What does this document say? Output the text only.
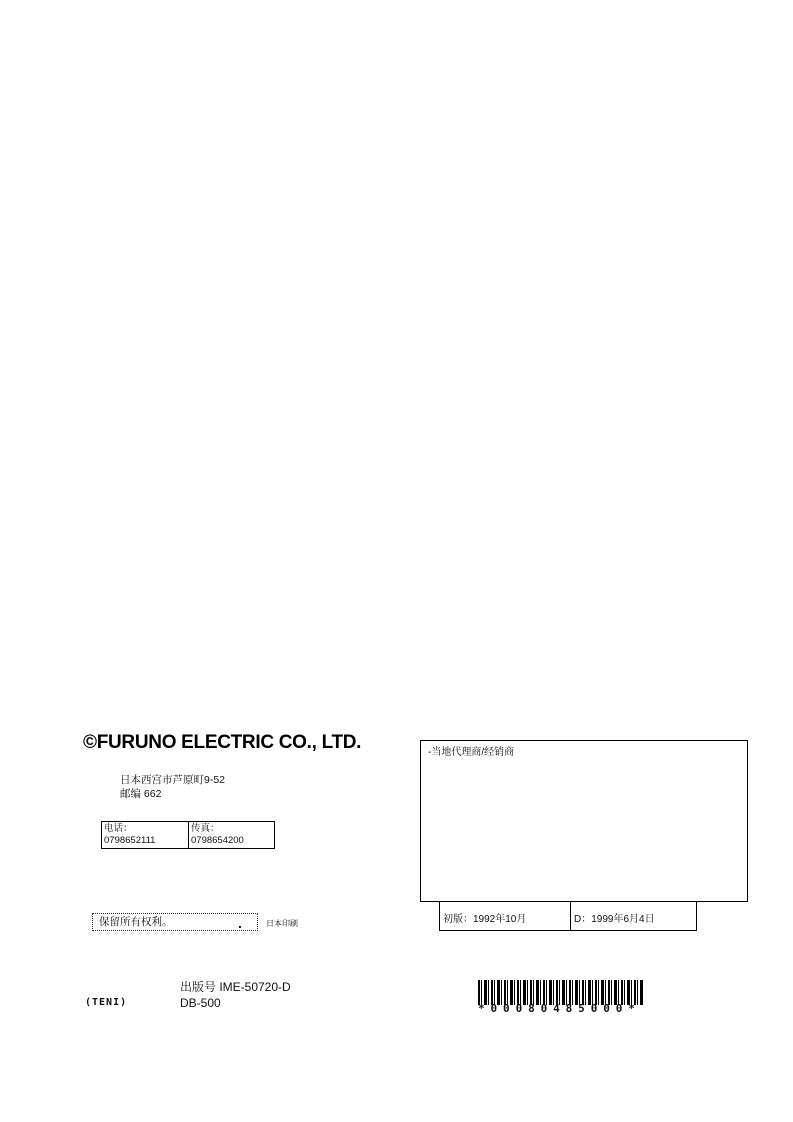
©FURUNO ELECTRIC CO., LTD.
日本西宫市芦原町9-52
邮编 662
电话：
0798652111
传真：
0798654200
保留所有权利。	.	日本印刷
-当地代理商/经销商
初版：1992年10月	D：1999年6月4日
(TENI)
出版号 IME-50720-D
DB-500	*00080485000*
